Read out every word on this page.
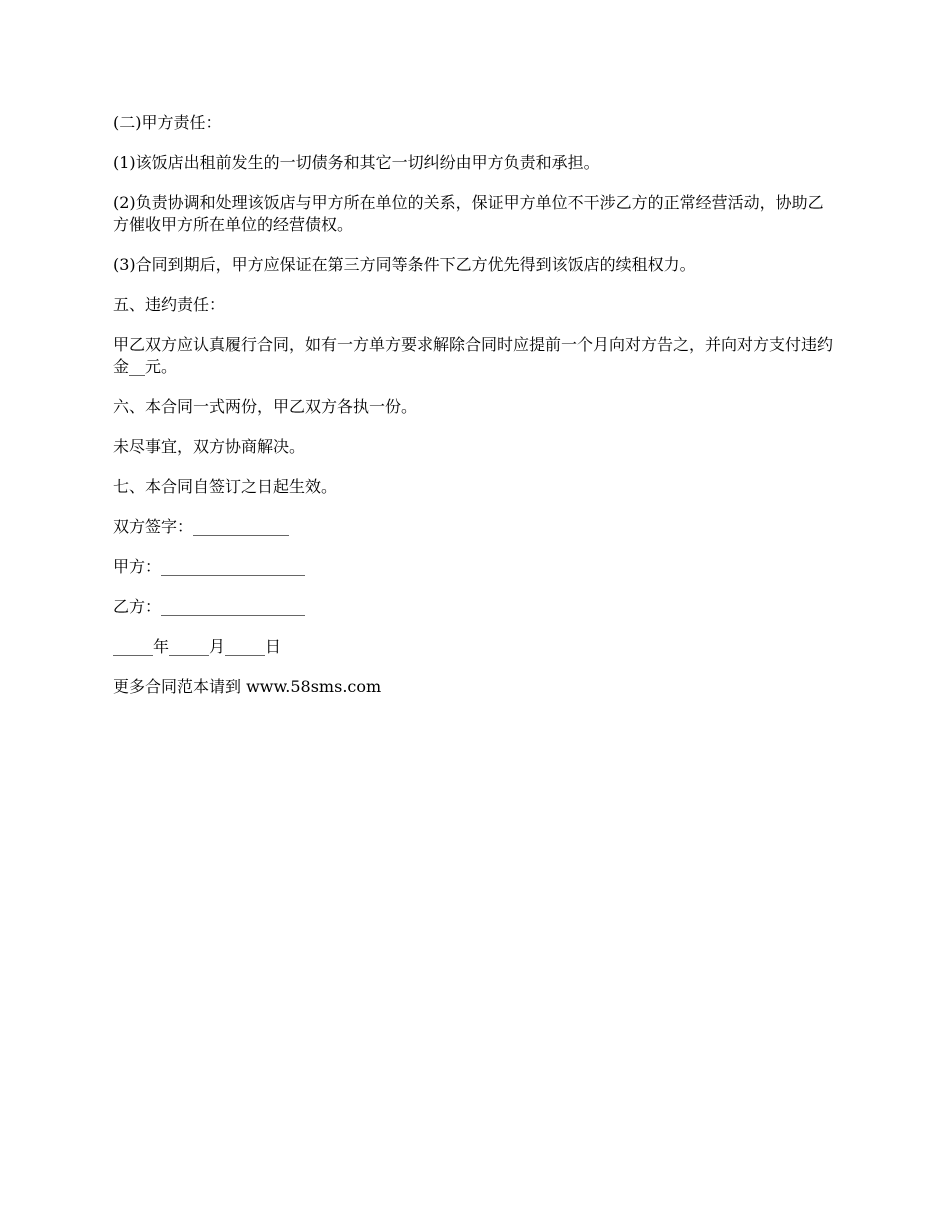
(二)甲方责任：

(1)该饭店出租前发生的一切债务和其它一切纠纷由甲方负责和承担。

(2)负责协调和处理该饭店与甲方所在单位的关系，保证甲方单位不干涉乙方的正常经营活动，协助乙方催收甲方所在单位的经营债权。

(3)合同到期后，甲方应保证在第三方同等条件下乙方优先得到该饭店的续租权力。

五、违约责任：

甲乙双方应认真履行合同，如有一方单方要求解除合同时应提前一个月向对方告之，并向对方支付违约金__元。

六、本合同一式两份，甲乙双方各执一份。

未尽事宜，双方协商解决。

七、本合同自签订之日起生效。

双方签字：____________

甲方：__________________

乙方：__________________

_____年_____月_____日

更多合同范本请到 www.58sms.com
